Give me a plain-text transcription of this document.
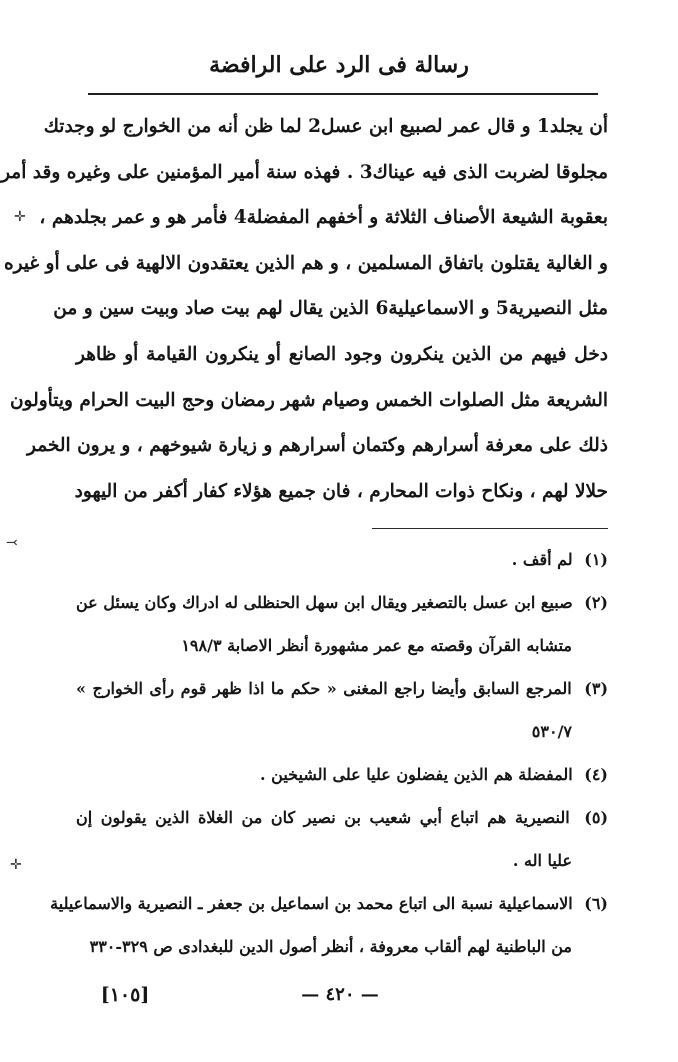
رسالة فى الرد على الرافضة
أن يجلد1 و قال عمر لصبيع ابن عسل2 لما ظن أنه من الخوارج لو وجدتك
مجلوقا لضربت الذى فيه عيناك3 . فهذه سنة أمير المؤمنين على وغيره وقد أمر
بعقوبة الشيعة الأصناف الثلاثة و أخفهم المفضلة4 فأمر هو و عمر بجلدهم ،
و الغالية يقتلون باتفاق المسلمين ، و هم الذين يعتقدون الالهية فى على أو غيره
مثل النصيرية5 و الاسماعيلية6 الذين يقال لهم بيت صاد وبيت سين و من
دخل فيهم من الذين ينكرون وجود الصانع أو ينكرون القيامة أو ظاهر
الشريعة مثل الصلوات الخمس وصيام شهر رمضان وحج البيت الحرام ويتأولون
ذلك على معرفة أسرارهم وكتمان أسرارهم و زيارة شيوخهم ، و يرون الخمر
حلالا لهم ، ونكاح ذوات المحارم ، فان جميع هؤلاء كفار أكفر من اليهود
(١) لم أقف .
(٢) صبيع ابن عسل بالتصغير ويقال ابن سهل الحنظلى له ادراك وكان يسئل عن
متشابه القرآن وقصته مع عمر مشهورة أنظر الاصابة ١٩٨/٣
(٣) المرجع السابق وأيضا راجع المغنى « حكم ما اذا ظهر قوم رأى الخوارج »
٥٣٠/٧
(٤) المفضلة هم الذين يفضلون عليا على الشيخين .
(٥) النصيرية هم اتباع أبي شعيب بن نصير كان من الغلاة الذين يقولون إن
عليا اله .
(٦) الاسماعيلية نسبة الى اتباع محمد بن اسماعيل بن جعفر ـ النصيرية والاسماعيلية
من الباطنية لهم ألقاب معروفة ، أنظر أصول الدين للبغدادى ص ٣٢٩-٣٣٠
— ٤٢٠ —
[١٠٥]
✛
⤙
✛
